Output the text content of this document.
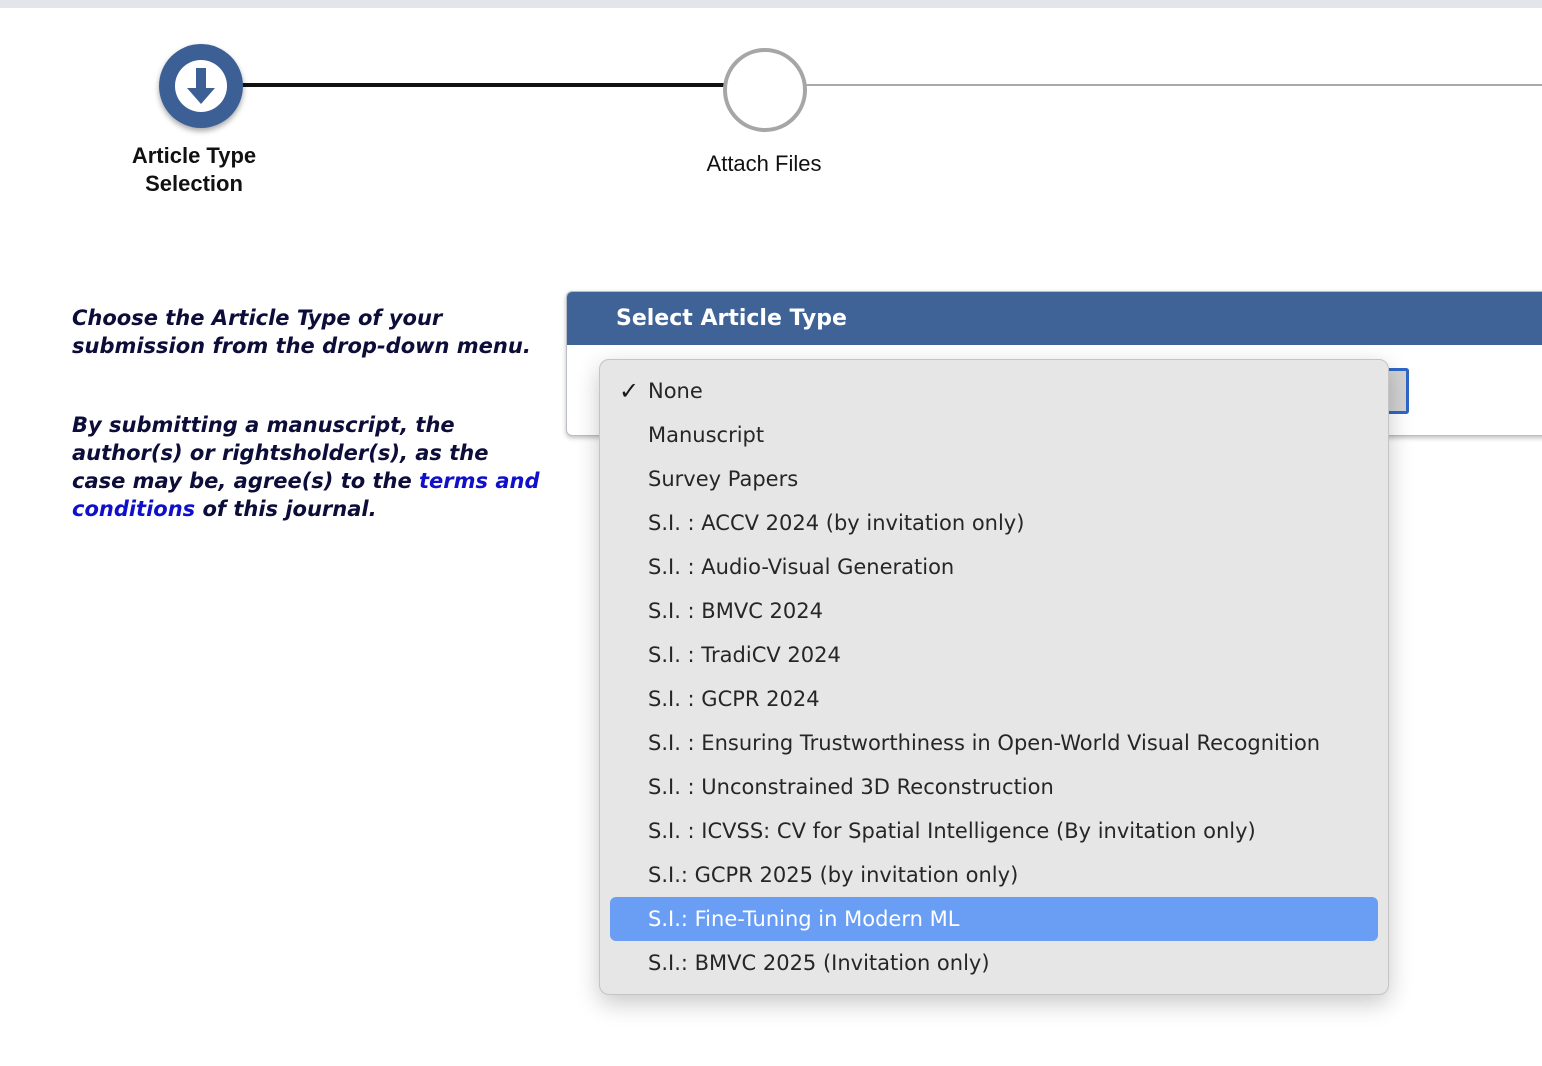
Article Type Selection
Attach Files

Choose the Article Type of your submission from the drop-down menu.

By submitting a manuscript, the author(s) or rightsholder(s), as the case may be, agree(s) to the terms and conditions of this journal.

Select Article Type
✓ None
Manuscript
Survey Papers
S.I. : ACCV 2024 (by invitation only)
S.I. : Audio-Visual Generation
S.I. : BMVC 2024
S.I. : TradiCV 2024
S.I. : GCPR 2024
S.I. : Ensuring Trustworthiness in Open-World Visual Recognition
S.I. : Unconstrained 3D Reconstruction
S.I. : ICVSS: CV for Spatial Intelligence (By invitation only)
S.I.: GCPR 2025 (by invitation only)
S.I.: Fine-Tuning in Modern ML
S.I.: BMVC 2025 (Invitation only)
